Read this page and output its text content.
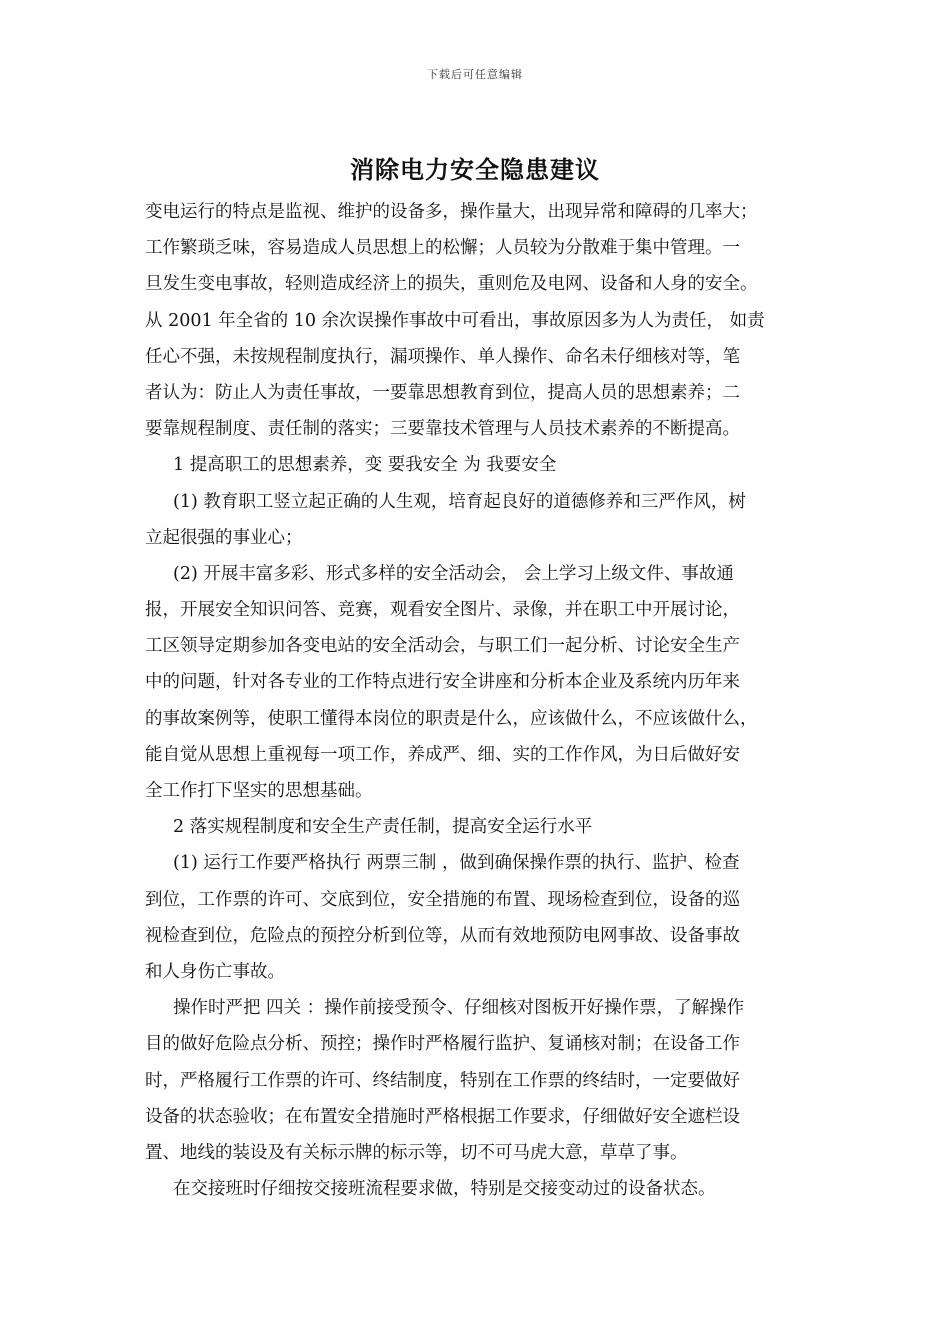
下载后可任意编辑
消除电力安全隐患建议
变电运行的特点是监视、维护的设备多，操作量大，出现异常和障碍的几率大；
工作繁琐乏味，容易造成人员思想上的松懈；人员较为分散难于集中管理。一
旦发生变电事故，轻则造成经济上的损失，重则危及电网、设备和人身的安全。
从 2001 年全省的 10 余次误操作事故中可看出，事故原因多为人为责任， 如责
任心不强，未按规程制度执行，漏项操作、单人操作、命名未仔细核对等，笔
者认为：防止人为责任事故，一要靠思想教育到位，提高人员的思想素养；二
要靠规程制度、责任制的落实；三要靠技术管理与人员技术素养的不断提高。
1 提高职工的思想素养，变 要我安全 为 我要安全
(1) 教育职工竖立起正确的人生观，培育起良好的道德修养和三严作风，树
立起很强的事业心；
(2) 开展丰富多彩、形式多样的安全活动会， 会上学习上级文件、事故通
报，开展安全知识问答、竞赛，观看安全图片、录像，并在职工中开展讨论，
工区领导定期参加各变电站的安全活动会，与职工们一起分析、讨论安全生产
中的问题，针对各专业的工作特点进行安全讲座和分析本企业及系统内历年来
的事故案例等，使职工懂得本岗位的职责是什么，应该做什么，不应该做什么，
能自觉从思想上重视每一项工作，养成严、细、实的工作作风，为日后做好安
全工作打下坚实的思想基础。
2 落实规程制度和安全生产责任制，提高安全运行水平
(1) 运行工作要严格执行 两票三制 ，做到确保操作票的执行、监护、检查
到位，工作票的许可、交底到位，安全措施的布置、现场检查到位，设备的巡
视检查到位，危险点的预控分析到位等，从而有效地预防电网事故、设备事故
和人身伤亡事故。
操作时严把 四关 ：操作前接受预令、仔细核对图板开好操作票，了解操作
目的做好危险点分析、预控；操作时严格履行监护、复诵核对制；在设备工作
时，严格履行工作票的许可、终结制度，特别在工作票的终结时，一定要做好
设备的状态验收；在布置安全措施时严格根据工作要求，仔细做好安全遮栏设
置、地线的装设及有关标示牌的标示等，切不可马虎大意，草草了事。
在交接班时仔细按交接班流程要求做，特别是交接变动过的设备状态。
